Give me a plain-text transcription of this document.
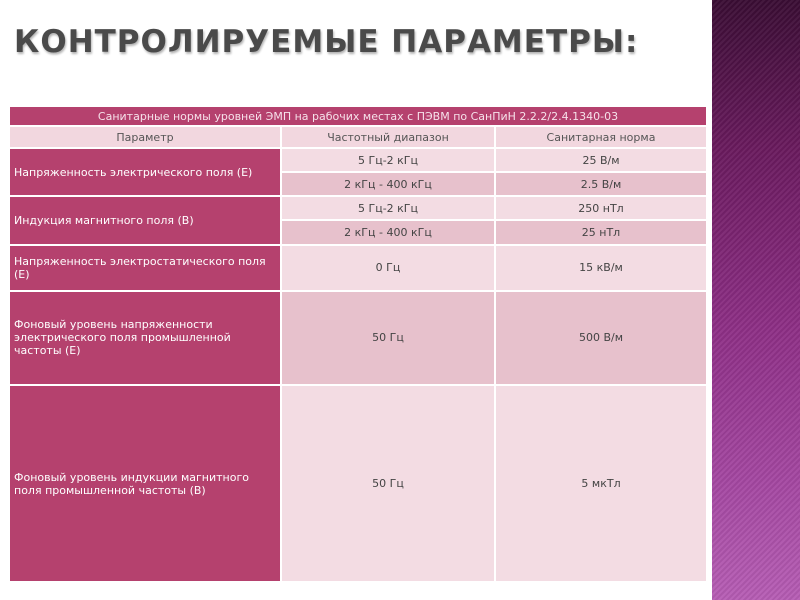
КОНТРОЛИРУЕМЫЕ ПАРАМЕТРЫ:
Санитарные нормы уровней ЭМП на рабочих местах с ПЭВМ по СанПиН 2.2.2/2.4.1340-03		
Параметр	Частотный диапазон	Санитарная норма
Напряженность электрического поля (Е)	5 Гц-2 кГц	25 В/м
	2 кГц - 400 кГц	2.5 В/м
Индукция магнитного поля (В)	5 Гц-2 кГц	250 нТл
	2 кГц - 400 кГц	25 нТл
Напряженность электростатического поля (Е)	0 Гц	15 кВ/м
Фоновый уровень напряженности электрического поля промышленной частоты (Е)	50 Гц	500 В/м
Фоновый уровень индукции магнитного поля промышленной частоты (В)	50 Гц	5 мкТл
